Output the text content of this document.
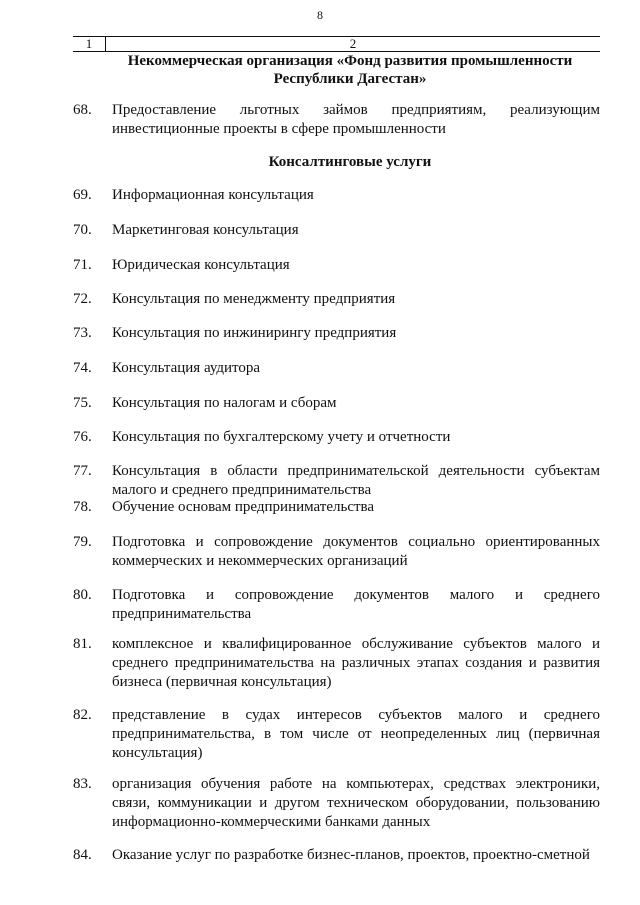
8
1	2
Некоммерческая организация «Фонд развития промышленности Республики Дагестан»
Консалтинговые услуги
68.	Предоставление льготных займов предприятиям, реализующим инвестиционные проекты в сфере промышленности
69.	Информационная консультация
70.	Маркетинговая консультация
71.	Юридическая консультация
72.	Консультация по менеджменту предприятия
73.	Консультация по инжинирингу предприятия
74.	Консультация аудитора
75.	Консультация по налогам и сборам
76.	Консультация по бухгалтерскому учету и отчетности
77.	Консультация в области предпринимательской деятельности субъектам малого и среднего предпринимательства
78.	Обучение основам предпринимательства
79.	Подготовка и сопровождение документов социально ориентированных коммерческих и некоммерческих организаций
80.	Подготовка и сопровождение документов малого и среднего предпринимательства
81.	комплексное и квалифицированное обслуживание субъектов малого и среднего предпринимательства на различных этапах создания и развития бизнеса (первичная консультация)
82.	представление в судах интересов субъектов малого и среднего предпринимательства, в том числе от неопределенных лиц (первичная консультация)
83.	организация обучения работе на компьютерах, средствах электроники, связи, коммуникации и другом техническом оборудовании, пользованию информационно-коммерческими банками данных
84.	Оказание услуг по разработке бизнес-планов, проектов, проектно-сметной
